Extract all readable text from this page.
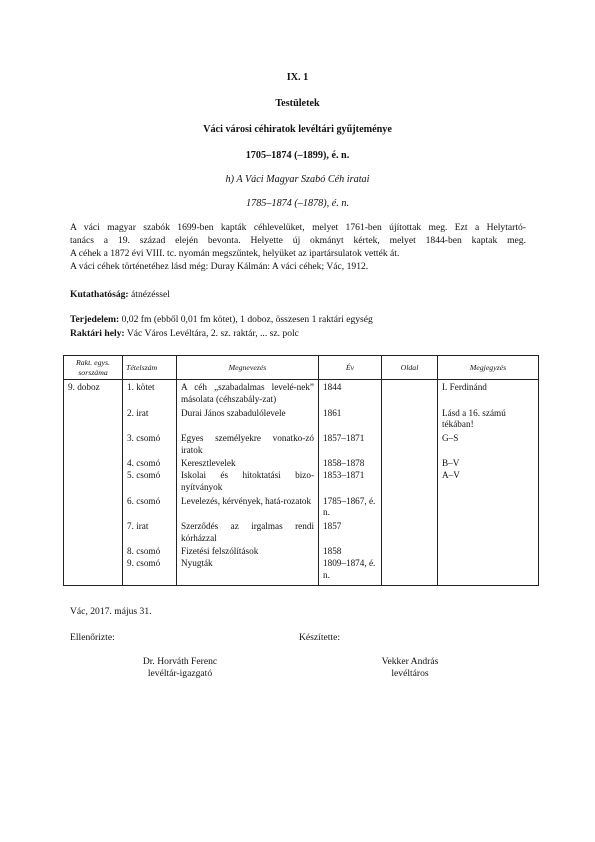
IX. 1
Testületek
Váci városi céhiratok levéltári gyűjteménye
1705–1874 (–1899), é. n.
h) A Váci Magyar Szabó Céh iratai
1785–1874 (–1878), é. n.
A váci magyar szabók 1699-ben kapták céhlevelüket, melyet 1761-ben újítottak meg. Ezt a Helytartó-
tanács a 19. század elején bevonta. Helyette új okmányt kértek, melyet 1844-ben kaptak meg.
A céhek a 1872 évi VIII. tc. nyomán megszűntek, helyüket az ipartársulatok vették át.
A váci céhek történetéhez lásd még: Duray Kálmán: A váci céhek; Vác, 1912.
Kutathatóság: átnézéssel
Terjedelem: 0,02 fm (ebből 0,01 fm kötet), 1 doboz, összesen 1 raktári egység
Raktári hely: Vác Város Levéltára, 2. sz. raktár, ... sz. polc
Rakt. egys.
sorszáma	Tételszám	Megnevezés	Év	Oldal	Megjegyzés
9. doboz	1. kötet	A céh „szabadalmas levelé-nek” másolata (céhszabály-zat)	1844		I. Ferdinánd
	2. irat	Durai János szabadulólevele	1861		Lásd a 16. számú tékában!
	3. csomó	Egyes személyekre vonatko-zó iratok	1857–1871		G–S
	4. csomó	Keresztlevelek	1858–1878		B–V
	5. csomó	Iskolai és hitoktatási bizo-nyítványok	1853–1871		A–V
	6. csomó	Levelezés, kérvények, hatá-rozatok	1785–1867, é. n.		
	7. irat	Szerződés az irgalmas rendi kórházzal	1857		
	8. csomó	Fizetési felszólítások	1858		
	9. csomó	Nyugták	1809–1874, é. n.		
Vác, 2017. május 31.
Ellenőrizte:	Készítette:
Dr. Horváth Ferenc
levéltár-igazgató
Vekker András
levéltáros
